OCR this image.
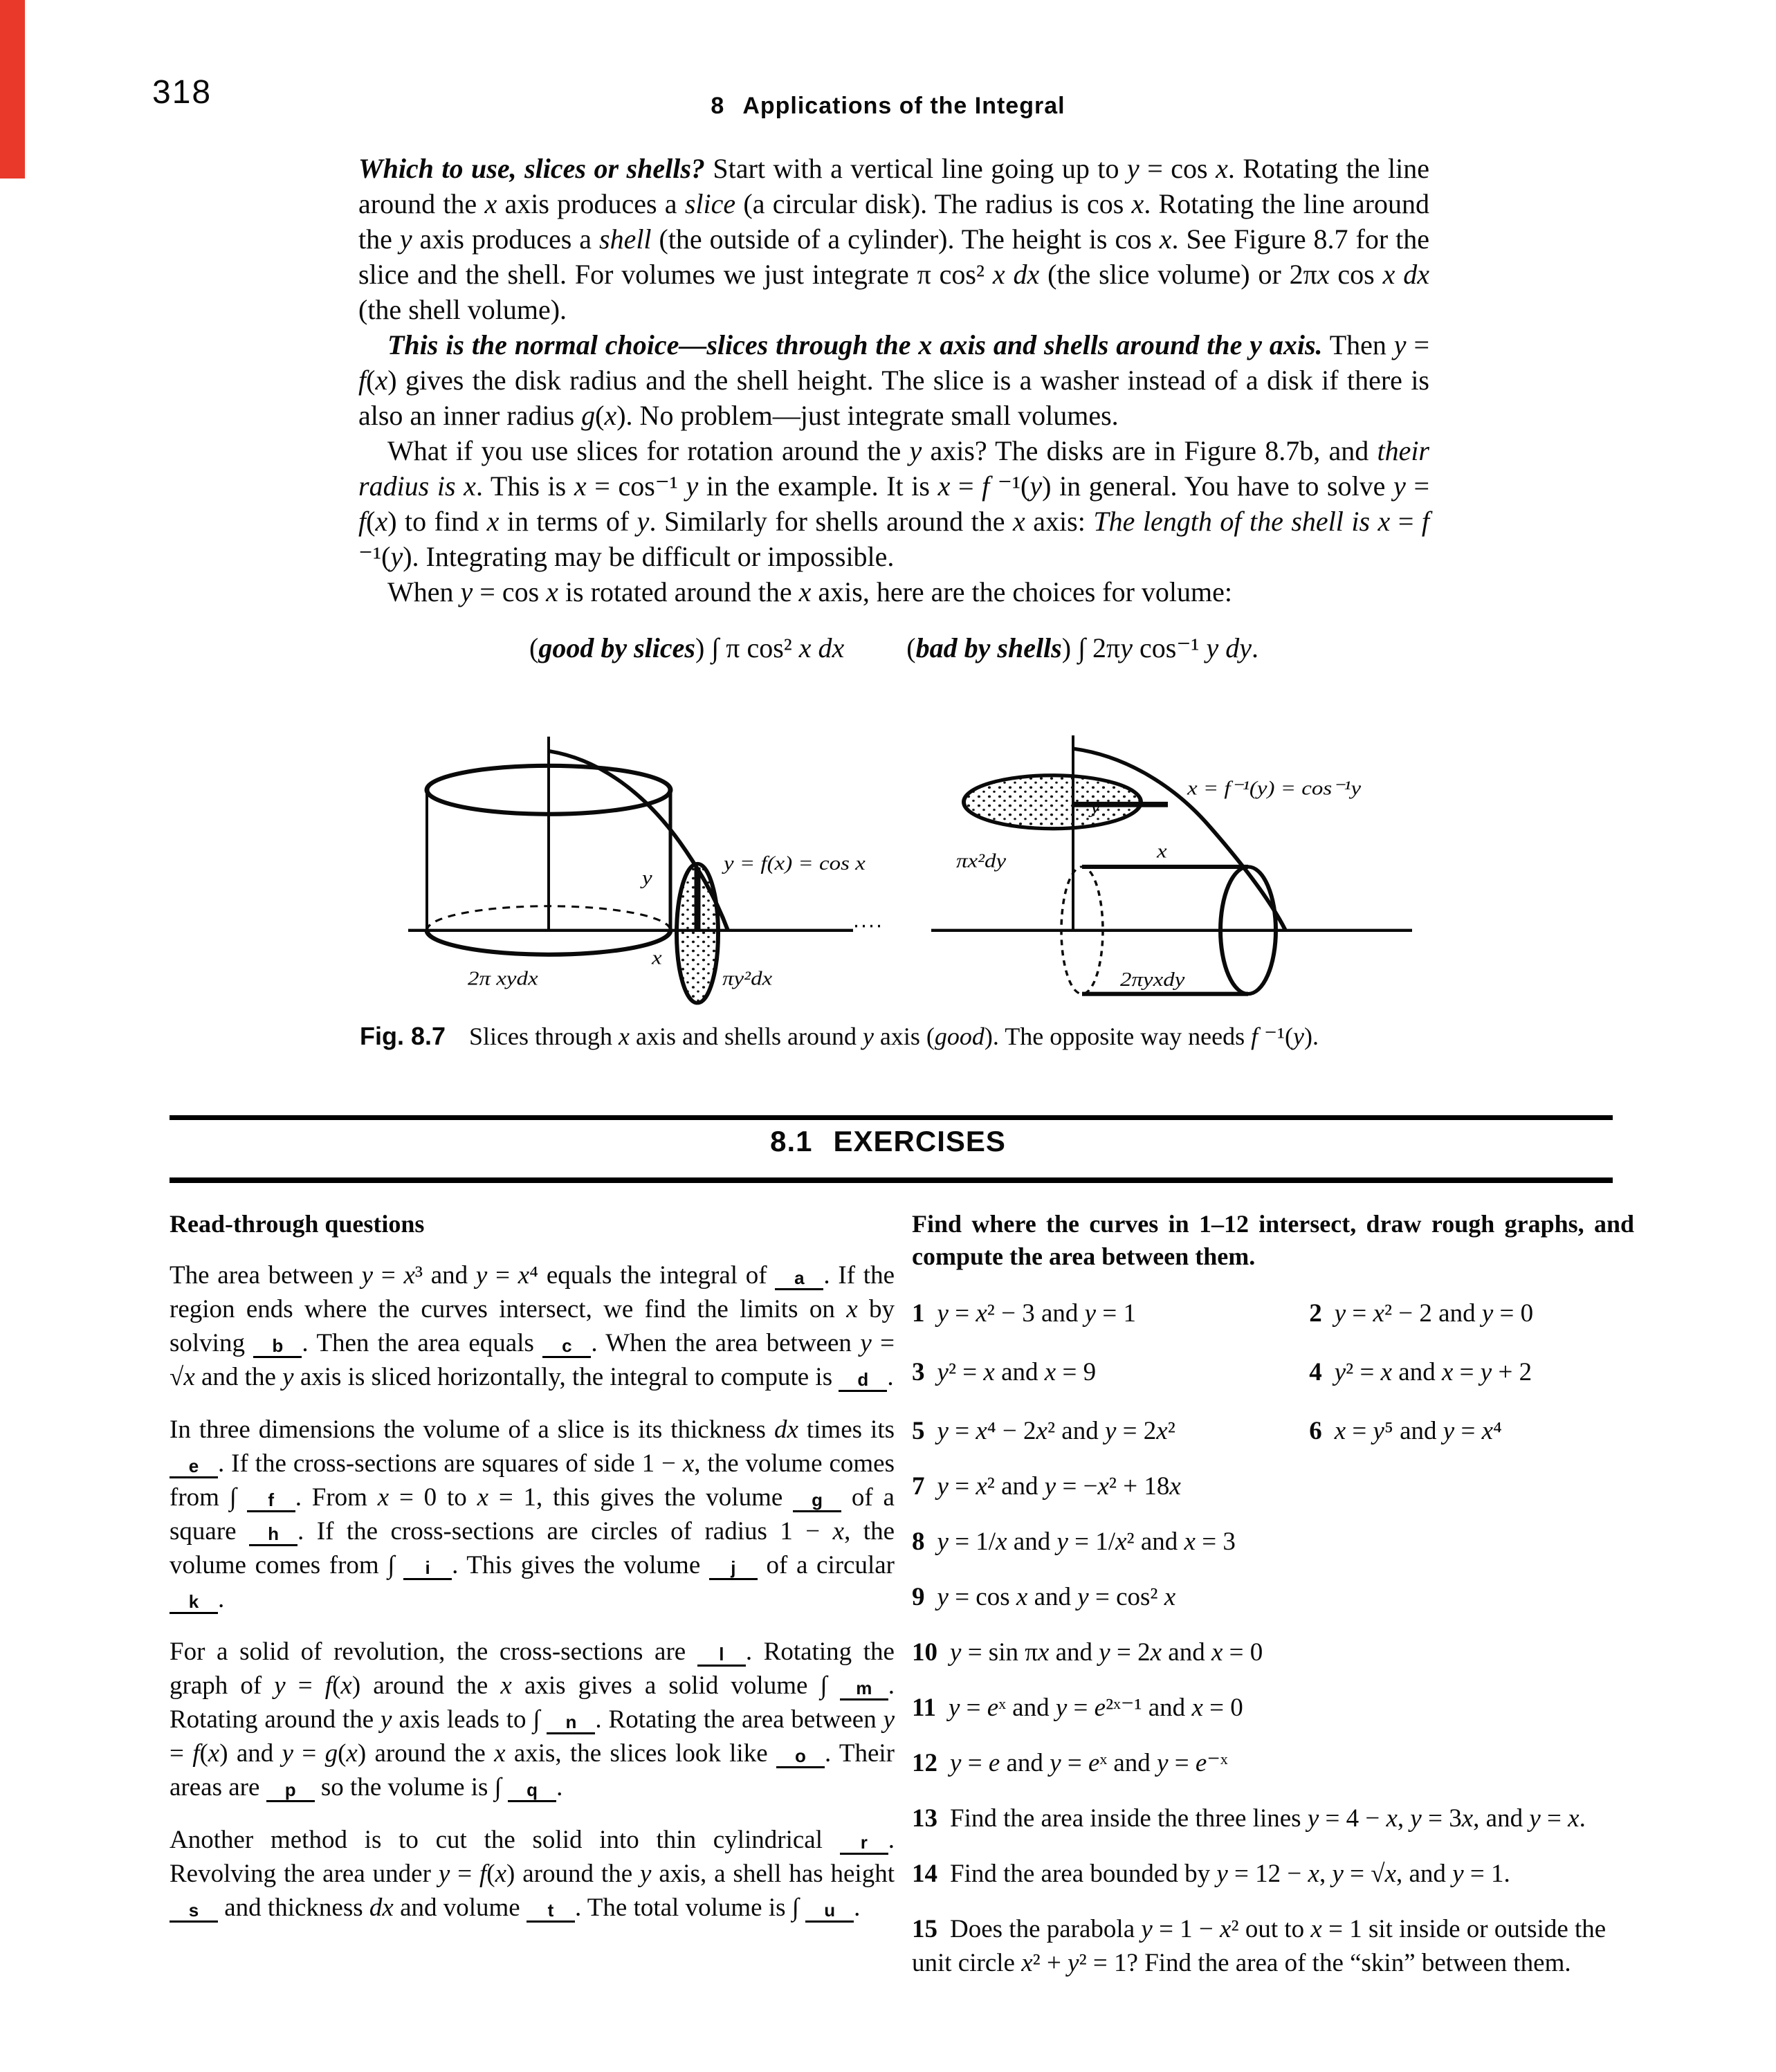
318	8 Applications of the Integral

Which to use, slices or shells? Start with a vertical line going up to y = cos x. Rotating the line around the x axis produces a slice (a circular disk). The radius is cos x. Rotating the line around the y axis produces a shell (the outside of a cylinder). The height is cos x. See Figure 8.7 for the slice and the shell. For volumes we just integrate π cos² x dx (the slice volume) or 2πx cos x dx (the shell volume).

This is the normal choice—slices through the x axis and shells around the y axis. Then y = f(x) gives the disk radius and the shell height. The slice is a washer instead of a disk if there is also an inner radius g(x). No problem—just integrate small volumes.

What if you use slices for rotation around the y axis? The disks are in Figure 8.7b, and their radius is x. This is x = cos⁻¹ y in the example. It is x = f ⁻¹(y) in general. You have to solve y = f(x) to find x in terms of y. Similarly for shells around the x axis: The length of the shell is x = f ⁻¹(y). Integrating may be difficult or impossible.

When y = cos x is rotated around the x axis, here are the choices for volume:

(good by slices) ∫ π cos² x dx (bad by shells) ∫ 2πy cos⁻¹ y dy.
y
x
2π xydx	πy²dx
y = f(x) = cos x
y
πx²dy	x
2πyxdy
x = f⁻¹(y) = cos⁻¹y
Fig. 8.7 Slices through x axis and shells around y axis (good). The opposite way needs f ⁻¹(y).
8.1 EXERCISES

Read-through questions

The area between y = x³ and y = x⁴ equals the integral of a . If the region ends where the curves intersect, we find the limits on x by solving b . Then the area equals c . When the area between y = √x and the y axis is sliced horizontally, the integral to compute is d .

In three dimensions the volume of a slice is its thickness dx times its e . If the cross-sections are squares of side 1 − x, the volume comes from ∫ f . From x = 0 to x = 1, this gives the volume g of a square h . If the cross-sections are circles of radius 1 − x, the volume comes from ∫ i . This gives the volume j of a circular k .

For a solid of revolution, the cross-sections are l . Rotating the graph of y = f(x) around the x axis gives a solid volume ∫ m . Rotating around the y axis leads to ∫ n . Rotating the area between y = f(x) and y = g(x) around the x axis, the slices look like o . Their areas are p so the volume is ∫ q .

Another method is to cut the solid into thin cylindrical r . Revolving the area under y = f(x) around the y axis, a shell has height s and thickness dx and volume t . The total volume is ∫ u .

Find where the curves in 1–12 intersect, draw rough graphs, and compute the area between them.

1 y = x² − 3 and y = 1	2 y = x² − 2 and y = 0
3 y² = x and x = 9	4 y² = x and x = y + 2
5 y = x⁴ − 2x² and y = 2x²	6 x = y⁵ and y = x⁴
7 y = x² and y = −x² + 18x
8 y = 1/x and y = 1/x² and x = 3
9 y = cos x and y = cos² x
10 y = sin πx and y = 2x and x = 0
11 y = eˣ and y = e²ˣ⁻¹ and x = 0
12 y = e and y = eˣ and y = e⁻ˣ
13 Find the area inside the three lines y = 4 − x, y = 3x, and y = x.
14 Find the area bounded by y = 12 − x, y = √x, and y = 1.
15 Does the parabola y = 1 − x² out to x = 1 sit inside or outside the unit circle x² + y² = 1? Find the area of the “skin” between them.
